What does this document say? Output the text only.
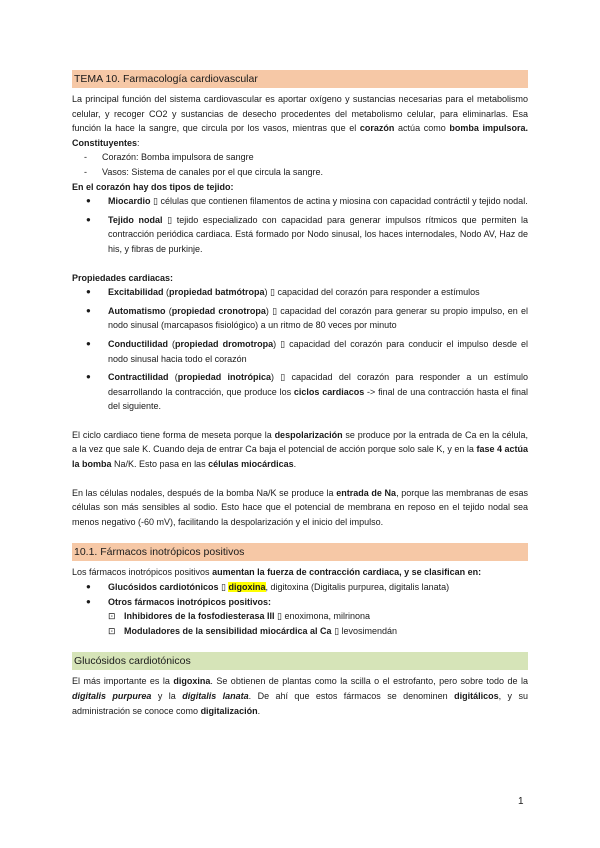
TEMA 10. Farmacología cardiovascular

La principal función del sistema cardiovascular es aportar oxígeno y sustancias necesarias para el metabolismo celular, y recoger CO2 y sustancias de desecho procedentes del metabolismo celular, para eliminarlas. Esa función la hace la sangre, que circula por los vasos, mientras que el corazón actúa como bomba impulsora. Constituyentes:

- Corazón: Bomba impulsora de sangre
- Vasos: Sistema de canales por el que circula la sangre.

En el corazón hay dos tipos de tejido:

● Miocardio ▯ células que contienen filamentos de actina y miosina con capacidad contráctil y tejido nodal.
● Tejido nodal ▯ tejido especializado con capacidad para generar impulsos rítmicos que permiten la contracción periódica cardiaca. Está formado por Nodo sinusal, los haces internodales, Nodo AV, Haz de his, y fibras de purkinje.

Propiedades cardiacas:

● Excitabilidad (propiedad batmótropa) ▯ capacidad del corazón para responder a estímulos
● Automatismo (propiedad cronotropa) ▯ capacidad del corazón para generar su propio impulso, en el nodo sinusal (marcapasos fisiológico) a un ritmo de 80 veces por minuto
● Conductilidad (propiedad dromotropa) ▯ capacidad del corazón para conducir el impulso desde el nodo sinusal hacia todo el corazón
● Contractilidad (propiedad inotrópica) ▯ capacidad del corazón para responder a un estímulo desarrollando la contracción, que produce los ciclos cardiacos -> final de una contracción hasta el final del siguiente.

El ciclo cardiaco tiene forma de meseta porque la despolarización se produce por la entrada de Ca en la célula, a la vez que sale K. Cuando deja de entrar Ca baja el potencial de acción porque solo sale K, y en la fase 4 actúa la bomba Na/K. Esto pasa en las células miocárdicas.

En las células nodales, después de la bomba Na/K se produce la entrada de Na, porque las membranas de esas células son más sensibles al sodio. Esto hace que el potencial de membrana en reposo en el tejido nodal sea menos negativo (-60 mV), facilitando la despolarización y el inicio del impulso.

10.1. Fármacos inotrópicos positivos

Los fármacos inotrópicos positivos aumentan la fuerza de contracción cardiaca, y se clasifican en:

● Glucósidos cardiotónicos ▯ digoxina, digitoxina (Digitalis purpurea, digitalis lanata)
● Otros fármacos inotrópicos positivos:
⊡ Inhibidores de la fosfodiesterasa III ▯ enoximona, milrinona
⊡ Moduladores de la sensibilidad miocárdica al Ca ▯ levosimendán
Glucósidos cardiotónicos

El más importante es la digoxina. Se obtienen de plantas como la scilla o el estrofanto, pero sobre todo de la digitalis purpurea y la digitalis lanata. De ahí que estos fármacos se denominen digitálicos, y su administración se conoce como digitalización.

1
